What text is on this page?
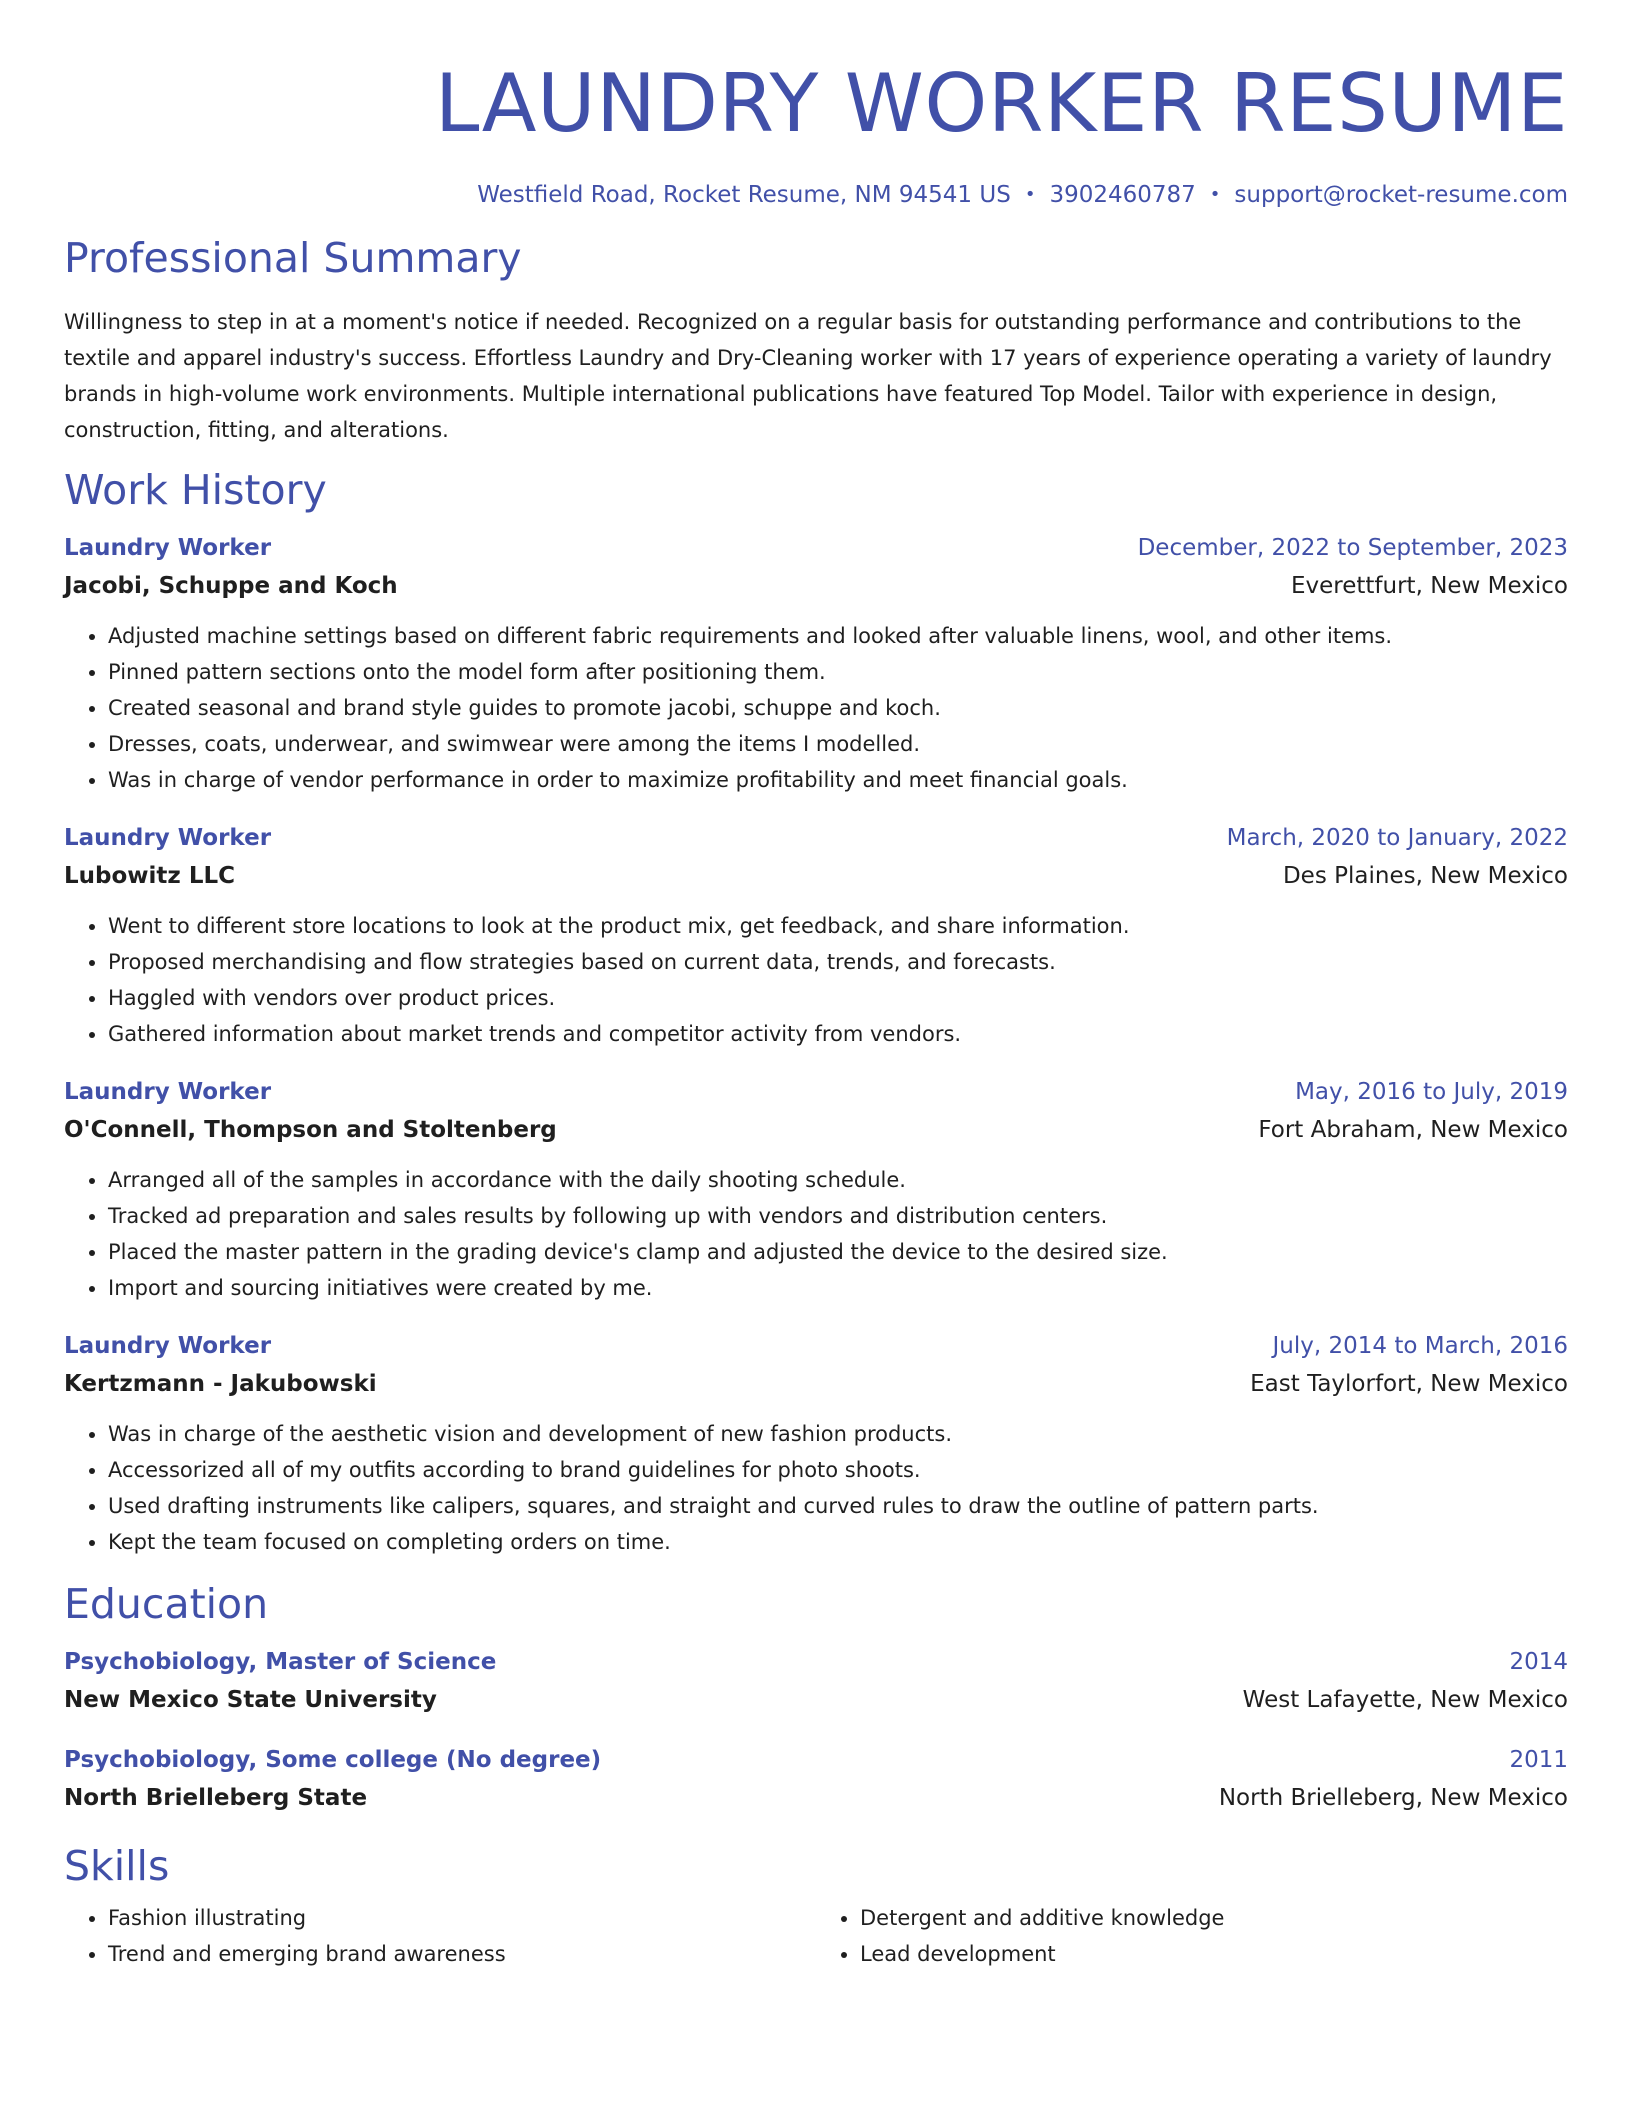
LAUNDRY WORKER RESUME
Westfield Road, Rocket Resume, NM 94541 US • 3902460787 • support@rocket-resume.com
Professional Summary

Willingness to step in at a moment's notice if needed. Recognized on a regular basis for outstanding performance and contributions to the textile and apparel industry's success. Effortless Laundry and Dry-Cleaning worker with 17 years of experience operating a variety of laundry brands in high-volume work environments. Multiple international publications have featured Top Model. Tailor with experience in design, construction, fitting, and alterations.

Work History
Laundry Worker	December, 2022 to September, 2023
Jacobi, Schuppe and Koch	Everettfurt, New Mexico
• Adjusted machine settings based on different fabric requirements and looked after valuable linens, wool, and other items.
• Pinned pattern sections onto the model form after positioning them.
• Created seasonal and brand style guides to promote jacobi, schuppe and koch.
• Dresses, coats, underwear, and swimwear were among the items I modelled.
• Was in charge of vendor performance in order to maximize profitability and meet financial goals.
Laundry Worker	March, 2020 to January, 2022
Lubowitz LLC	Des Plaines, New Mexico
• Went to different store locations to look at the product mix, get feedback, and share information.
• Proposed merchandising and flow strategies based on current data, trends, and forecasts.
• Haggled with vendors over product prices.
• Gathered information about market trends and competitor activity from vendors.
Laundry Worker	May, 2016 to July, 2019
O'Connell, Thompson and Stoltenberg	Fort Abraham, New Mexico
• Arranged all of the samples in accordance with the daily shooting schedule.
• Tracked ad preparation and sales results by following up with vendors and distribution centers.
• Placed the master pattern in the grading device's clamp and adjusted the device to the desired size.
• Import and sourcing initiatives were created by me.
Laundry Worker	July, 2014 to March, 2016
Kertzmann - Jakubowski	East Taylorfort, New Mexico
• Was in charge of the aesthetic vision and development of new fashion products.
• Accessorized all of my outfits according to brand guidelines for photo shoots.
• Used drafting instruments like calipers, squares, and straight and curved rules to draw the outline of pattern parts.
• Kept the team focused on completing orders on time.
Education
Psychobiology, Master of Science	2014
New Mexico State University	West Lafayette, New Mexico
Psychobiology, Some college (No degree)	2011
North Brielleberg State	North Brielleberg, New Mexico
Skills
• Fashion illustrating
• Trend and emerging brand awareness
• Detergent and additive knowledge
• Lead development
